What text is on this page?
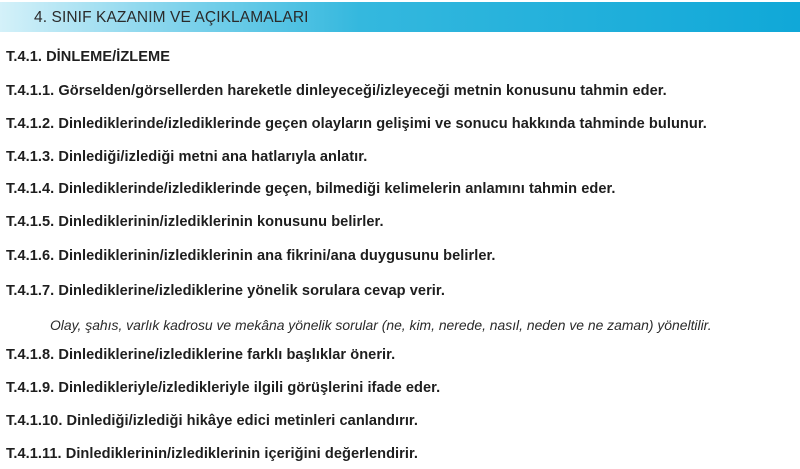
4. SINIF KAZANIM VE AÇIKLAMALARI
T.4.1. DİNLEME/İZLEME
T.4.1.1. Görselden/görsellerden hareketle dinleyeceği/izleyeceği metnin konusunu tahmin eder.
T.4.1.2. Dinlediklerinde/izlediklerinde geçen olayların gelişimi ve sonucu hakkında tahminde bulunur.
T.4.1.3. Dinlediği/izlediği metni ana hatlarıyla anlatır.
T.4.1.4. Dinlediklerinde/izlediklerinde geçen, bilmediği kelimelerin anlamını tahmin eder.
T.4.1.5. Dinlediklerinin/izlediklerinin konusunu belirler.
T.4.1.6. Dinlediklerinin/izlediklerinin ana fikrini/ana duygusunu belirler.
T.4.1.7. Dinlediklerine/izlediklerine yönelik sorulara cevap verir.
Olay, şahıs, varlık kadrosu ve mekâna yönelik sorular (ne, kim, nerede, nasıl, neden ve ne zaman) yöneltilir.
T.4.1.8. Dinlediklerine/izlediklerine farklı başlıklar önerir.
T.4.1.9. Dinledikleriyle/izledikleriyle ilgili görüşlerini ifade eder.
T.4.1.10. Dinlediği/izlediği hikâye edici metinleri canlandırır.
T.4.1.11. Dinlediklerinin/izlediklerinin içeriğini değerlendirir.
